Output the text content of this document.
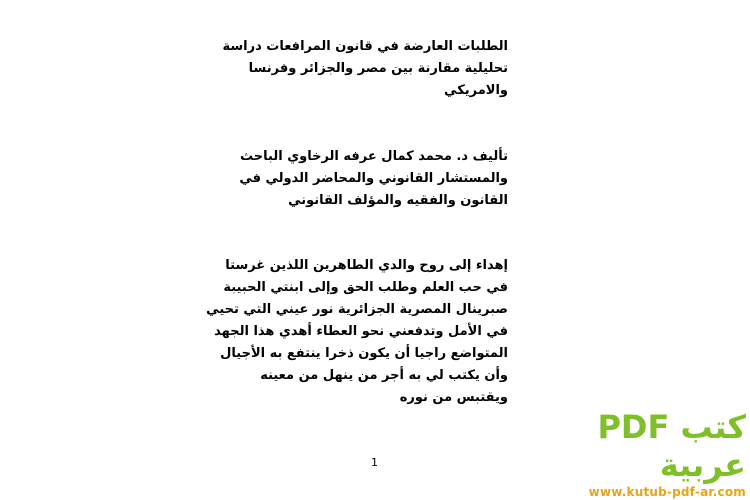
الطلبات العارضة في قانون المرافعات دراسة
تحليلية مقارنة بين مصر والجزائر وفرنسا
والامريكي
تأليف د. محمد كمال عرفه الرخاوي الباحث
والمستشار القانوني والمحاضر الدولي في
القانون والفقيه والمؤلف القانوني
إهداء إلى روح والدي الطاهرين اللذين غرستا
في حب العلم وطلب الحق وإلى ابنتي الحبيبة
صبرينال المصرية الجزائرية نور عيني التي تحيي
في الأمل وتدفعني نحو العطاء أهدي هذا الجهد
المتواضع راجيا أن يكون ذخرا ينتفع به الأجيال
وأن يكتب لي به أجر من ينهل من معينه
ويقتبس من نوره
1
كتب PDF عربية
www.kutub-pdf-ar.com
